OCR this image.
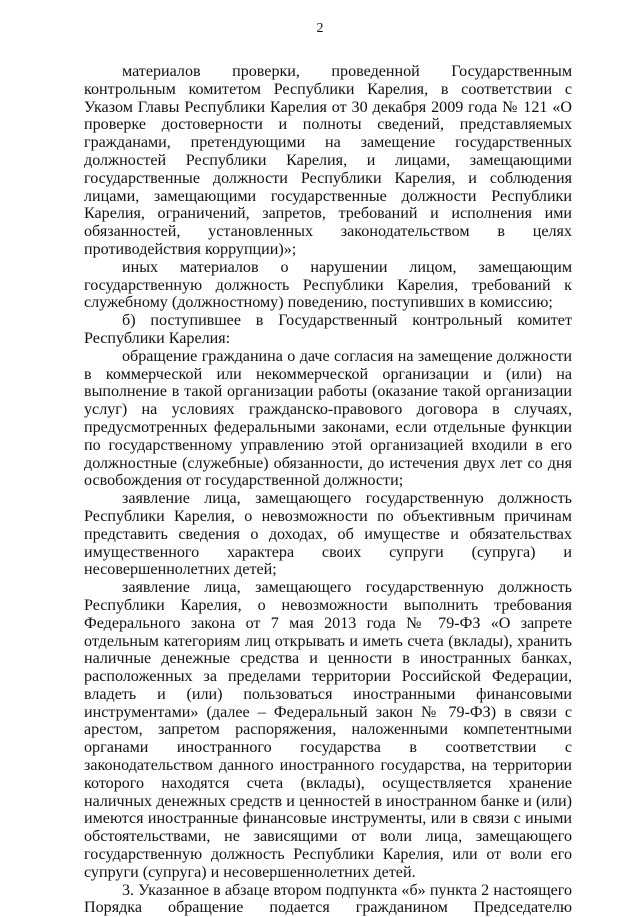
2

материалов проверки, проведенной Государственным контрольным комитетом Республики Карелия, в соответствии с Указом Главы Республики Карелия от 30 декабря 2009 года № 121 «О проверке достоверности и полноты сведений, представляемых гражданами, претендующими на замещение государственных должностей Республики Карелия, и лицами, замещающими государственные должности Республики Карелия, и соблюдения лицами, замещающими государственные должности Республики Карелия, ограничений, запретов, требований и исполнения ими обязанностей, установленных законодательством в целях противодействия коррупции)»;

иных материалов о нарушении лицом, замещающим государственную должность Республики Карелия, требований к служебному (должностному) поведению, поступивших в комиссию;

б) поступившее в Государственный контрольный комитет Республики Карелия:

обращение гражданина о даче согласия на замещение должности в коммерческой или некоммерческой организации и (или) на выполнение в такой организации работы (оказание такой организации услуг) на условиях гражданско-правового договора в случаях, предусмотренных федеральными законами, если отдельные функции по государственному управлению этой организацией входили в его должностные (служебные) обязанности, до истечения двух лет со дня освобождения от государственной должности;

заявление лица, замещающего государственную должность Республики Карелия, о невозможности по объективным причинам представить сведения о доходах, об имуществе и обязательствах имущественного характера своих супруги (супруга) и несовершеннолетних детей;

заявление лица, замещающего государственную должность Республики Карелия, о невозможности выполнить требования Федерального закона от 7 мая 2013 года № 79-ФЗ «О запрете отдельным категориям лиц открывать и иметь счета (вклады), хранить наличные денежные средства и ценности в иностранных банках, расположенных за пределами территории Российской Федерации, владеть и (или) пользоваться иностранными финансовыми инструментами» (далее – Федеральный закон № 79-ФЗ) в связи с арестом, запретом распоряжения, наложенными компетентными органами иностранного государства в соответствии с законодательством данного иностранного государства, на территории которого находятся счета (вклады), осуществляется хранение наличных денежных средств и ценностей в иностранном банке и (или) имеются иностранные финансовые инструменты, или в связи с иными обстоятельствами, не зависящими от воли лица, замещающего государственную должность Республики Карелия, или от воли его супруги (супруга) и несовершеннолетних детей.

3. Указанное в абзаце втором подпункта «б» пункта 2 настоящего Порядка обращение подается гражданином Председателю
